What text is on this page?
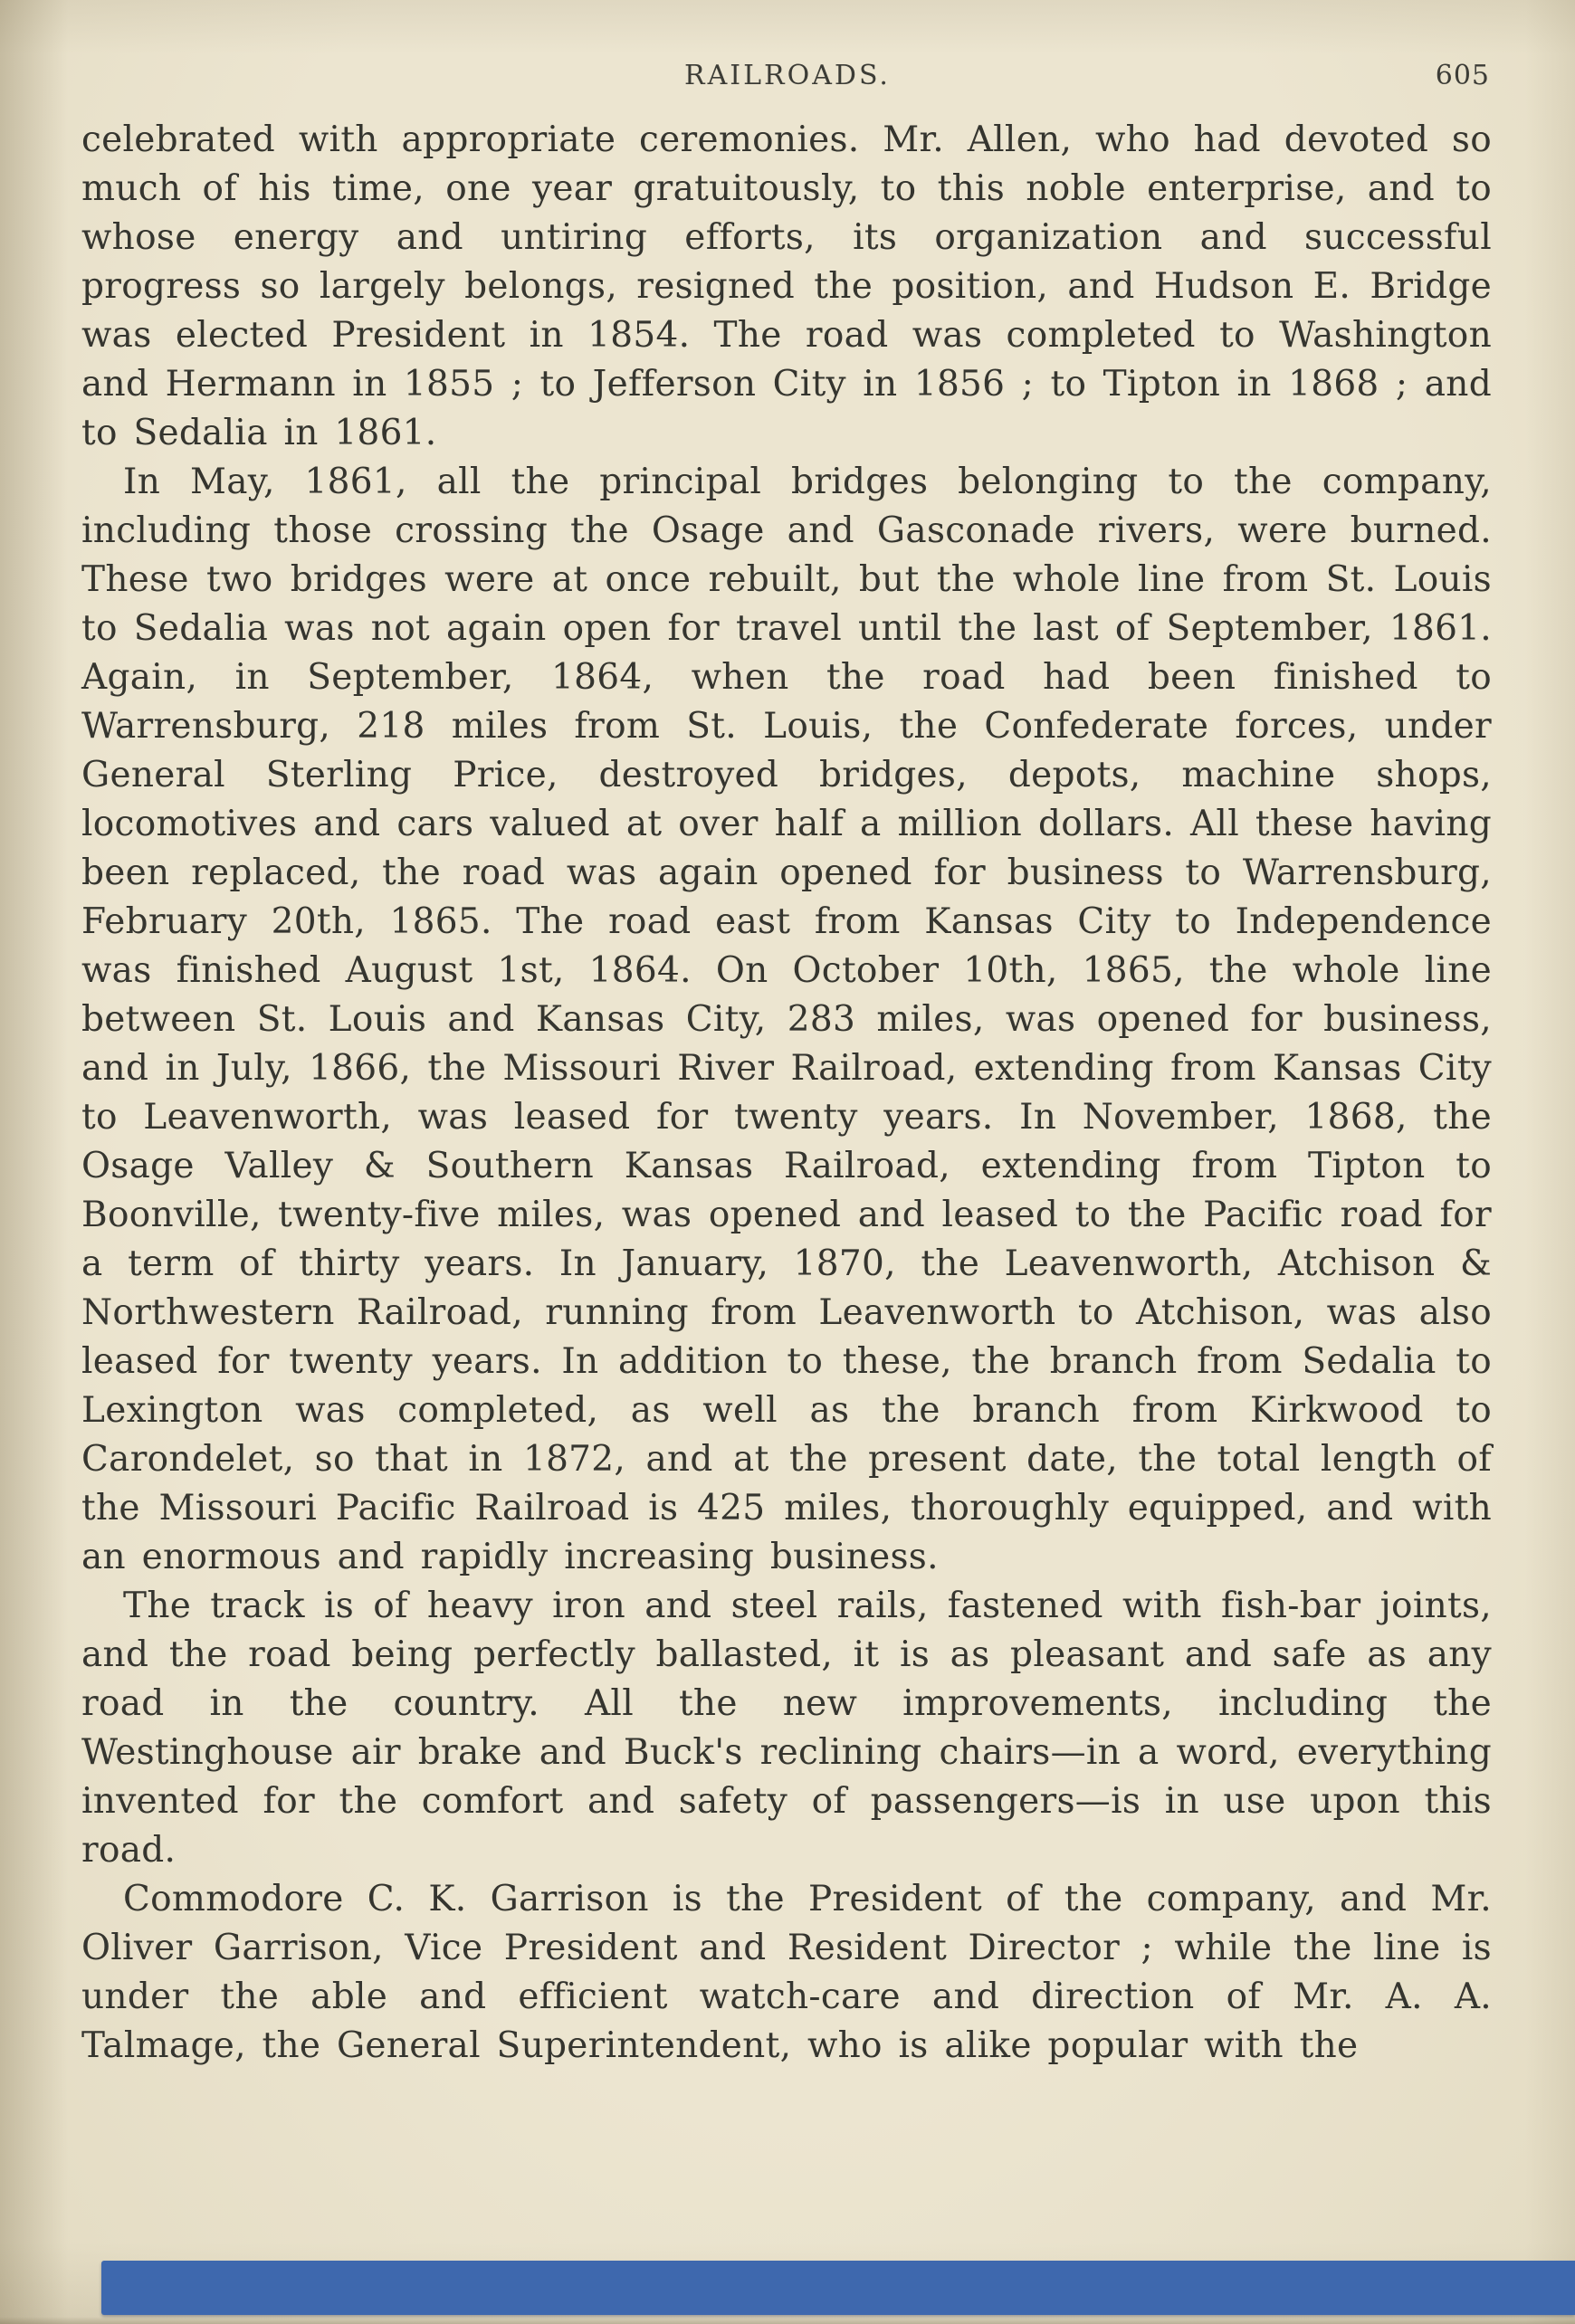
RAILROADS.	605

celebrated with appropriate ceremonies. Mr. Allen, who had devoted so much of his time, one year gratuitously, to this noble enterprise, and to whose energy and untiring efforts, its organization and successful progress so largely belongs, resigned the position, and Hudson E. Bridge was elected President in 1854. The road was completed to Washington and Hermann in 1855 ; to Jefferson City in 1856 ; to Tipton in 1868 ; and to Sedalia in 1861.

In May, 1861, all the principal bridges belonging to the company, including those crossing the Osage and Gasconade rivers, were burned. These two bridges were at once rebuilt, but the whole line from St. Louis to Sedalia was not again open for travel until the last of September, 1861. Again, in September, 1864, when the road had been finished to Warrensburg, 218 miles from St. Louis, the Confederate forces, under General Sterling Price, destroyed bridges, depots, machine shops, locomotives and cars valued at over half a million dollars. All these having been replaced, the road was again opened for business to Warrensburg, February 20th, 1865. The road east from Kansas City to Independence was finished August 1st, 1864. On October 10th, 1865, the whole line between St. Louis and Kansas City, 283 miles, was opened for business, and in July, 1866, the Missouri River Railroad, extending from Kansas City to Leavenworth, was leased for twenty years. In November, 1868, the Osage Valley & Southern Kansas Railroad, extending from Tipton to Boonville, twenty-five miles, was opened and leased to the Pacific road for a term of thirty years. In January, 1870, the Leavenworth, Atchison & Northwestern Railroad, running from Leavenworth to Atchison, was also leased for twenty years. In addition to these, the branch from Sedalia to Lexington was completed, as well as the branch from Kirkwood to Carondelet, so that in 1872, and at the present date, the total length of the Missouri Pacific Railroad is 425 miles, thoroughly equipped, and with an enormous and rapidly increasing business.

The track is of heavy iron and steel rails, fastened with fish-bar joints, and the road being perfectly ballasted, it is as pleasant and safe as any road in the country. All the new improvements, including the Westinghouse air brake and Buck's reclining chairs—in a word, everything invented for the comfort and safety of passengers—is in use upon this road.

Commodore C. K. Garrison is the President of the company, and Mr. Oliver Garrison, Vice President and Resident Director ; while the line is under the able and efficient watch-care and direction of Mr. A. A. Talmage, the General Superintendent, who is alike popular with the
